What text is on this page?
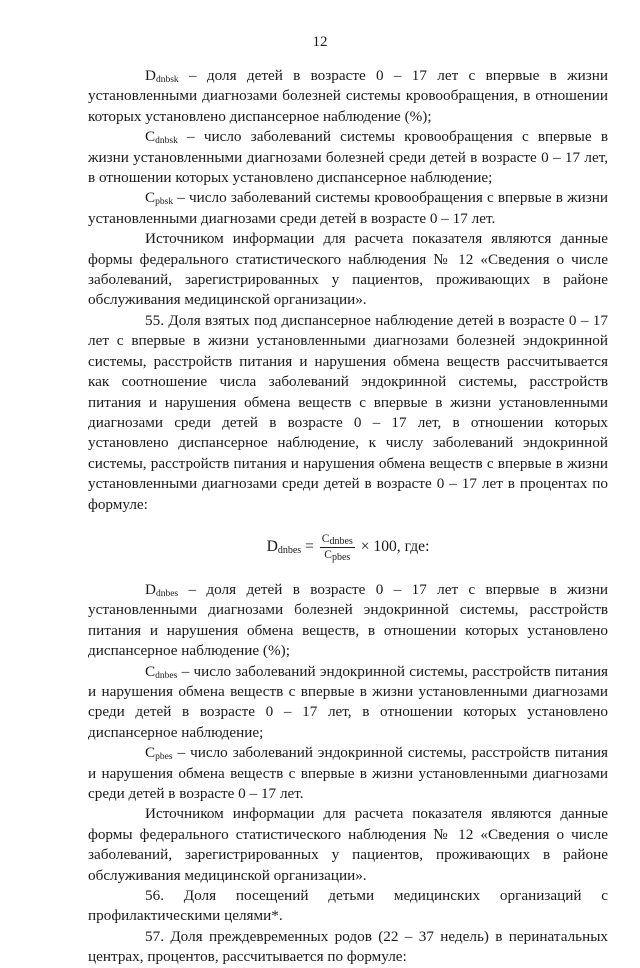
12

$D_{dnbsk}$ – доля детей в возрасте 0 – 17 лет с впервые в жизни установленными диагнозами болезней системы кровообращения, в отношении которых установлено диспансерное наблюдение (%);

$C_{dnbsk}$ – число заболеваний системы кровообращения с впервые в жизни установленными диагнозами болезней среди детей в возрасте 0 – 17 лет, в отношении которых установлено диспансерное наблюдение;

$C_{pbsk}$ – число заболеваний системы кровообращения с впервые в жизни установленными диагнозами среди детей в возрасте 0 – 17 лет.

Источником информации для расчета показателя являются данные формы федерального статистического наблюдения № 12 «Сведения о числе заболеваний, зарегистрированных у пациентов, проживающих в районе обслуживания медицинской организации».

55. Доля взятых под диспансерное наблюдение детей в возрасте 0 – 17 лет с впервые в жизни установленными диагнозами болезней эндокринной системы, расстройств питания и нарушения обмена веществ рассчитывается как соотношение числа заболеваний эндокринной системы, расстройств питания и нарушения обмена веществ с впервые в жизни установленными диагнозами среди детей в возрасте 0 – 17 лет, в отношении которых установлено диспансерное наблюдение, к числу заболеваний эндокринной системы, расстройств питания и нарушения обмена веществ с впервые в жизни установленными диагнозами среди детей в возрасте 0 – 17 лет в процентах по формуле:

$D_{dnbes} = \frac{C_{dnbes}}{C_{pbes}} \times 100$, где:

$D_{dnbes}$ – доля детей в возрасте 0 – 17 лет с впервые в жизни установленными диагнозами болезней эндокринной системы, расстройств питания и нарушения обмена веществ, в отношении которых установлено диспансерное наблюдение (%);

$C_{dnbes}$ – число заболеваний эндокринной системы, расстройств питания и нарушения обмена веществ с впервые в жизни установленными диагнозами среди детей в возрасте 0 – 17 лет, в отношении которых установлено диспансерное наблюдение;

$C_{pbes}$ – число заболеваний эндокринной системы, расстройств питания и нарушения обмена веществ с впервые в жизни установленными диагнозами среди детей в возрасте 0 – 17 лет.

Источником информации для расчета показателя являются данные формы федерального статистического наблюдения № 12 «Сведения о числе заболеваний, зарегистрированных у пациентов, проживающих в районе обслуживания медицинской организации».

56. Доля посещений детьми медицинских организаций с профилактическими целями*.

57. Доля преждевременных родов (22 – 37 недель) в перинатальных центрах, процентов, рассчитывается по формуле:
